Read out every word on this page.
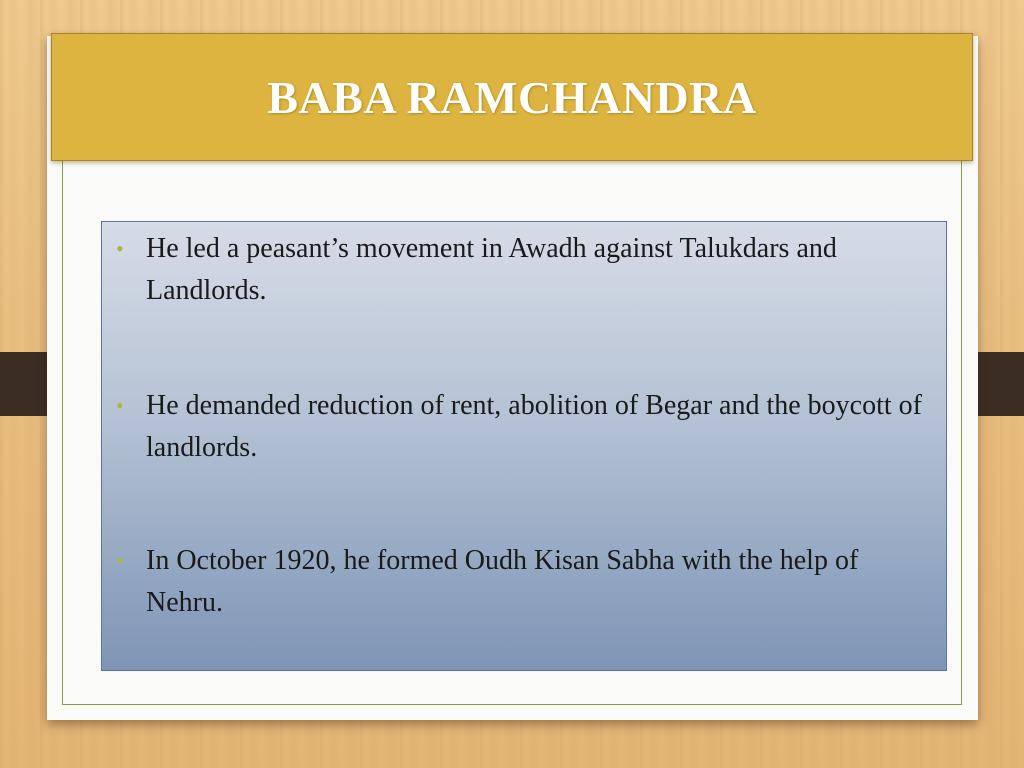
BABA RAMCHANDRA
• He led a peasant’s movement in Awadh against Talukdars and Landlords.
• He demanded reduction of rent, abolition of Begar and the boycott of landlords.
• In October 1920, he formed Oudh Kisan Sabha with the help of Nehru.
